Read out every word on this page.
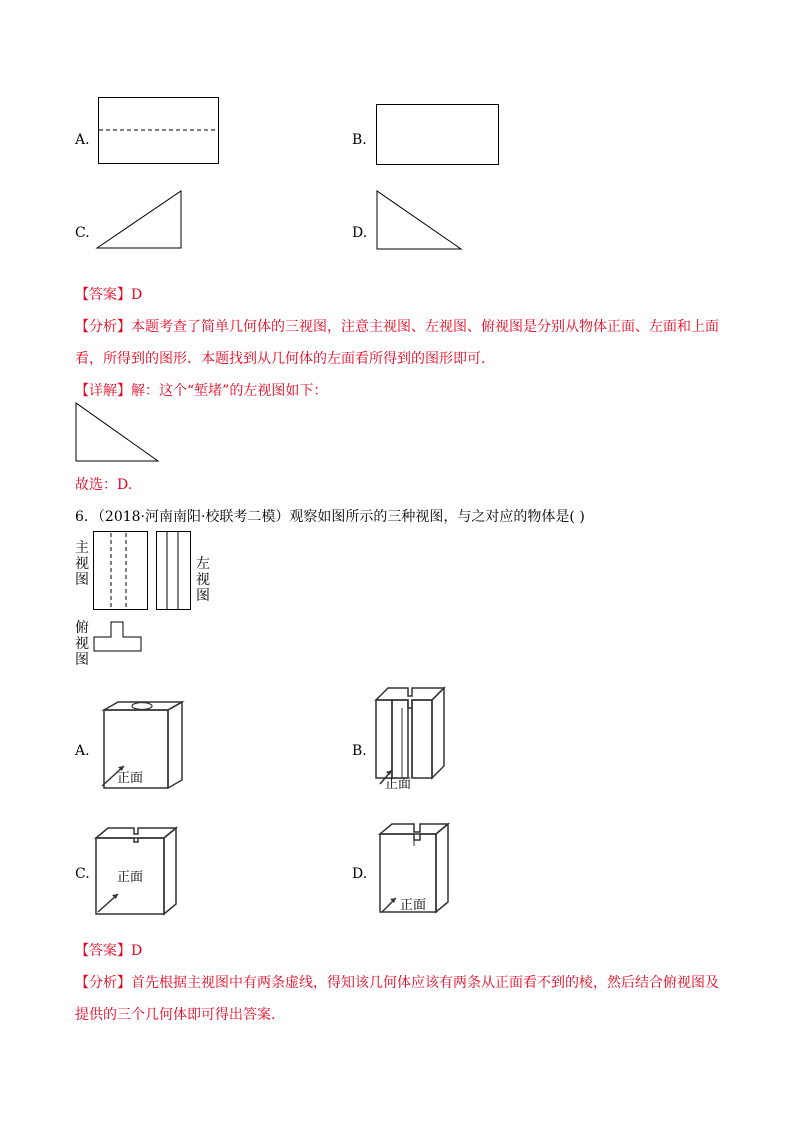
A.	B.
C.	D.
【答案】D
【分析】本题考查了简单几何体的三视图，注意主视图、左视图、俯视图是分别从物体正面、左面和上面
看，所得到的图形．本题找到从几何体的左面看所得到的图形即可.
【详解】解：这个“堑堵”的左视图如下：
故选：D.
6．（2018·河南南阳·校联考二模）观察如图所示的三种视图，与之对应的物体是( )
主
视
图
左
视
图
俯
视
图
A.
正面
B.
正面
C. 正面	D.
正面
【答案】D
【分析】首先根据主视图中有两条虚线，得知该几何体应该有两条从正面看不到的棱，然后结合俯视图及
提供的三个几何体即可得出答案.
